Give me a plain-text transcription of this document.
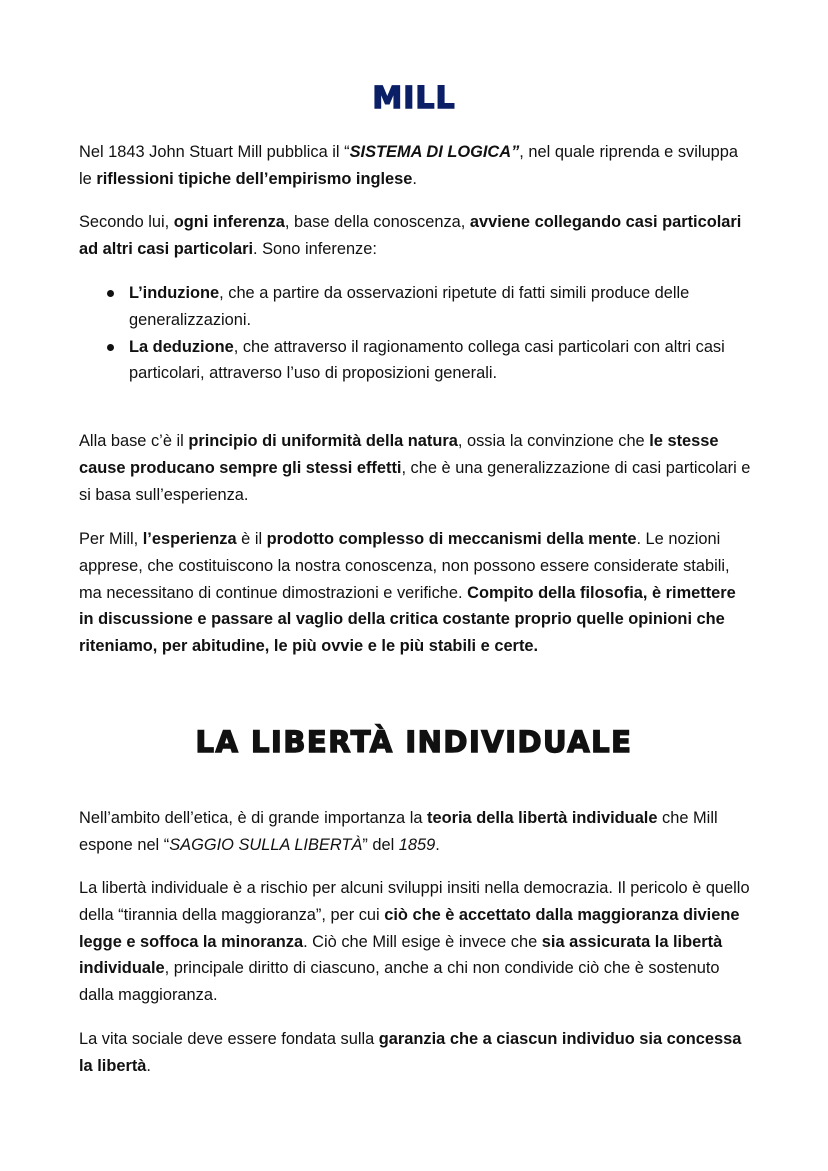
MILL

Nel 1843 John Stuart Mill pubblica il “SISTEMA DI LOGICA”, nel quale riprenda e sviluppa le riflessioni tipiche dell’empirismo inglese.

Secondo lui, ogni inferenza, base della conoscenza, avviene collegando casi particolari ad altri casi particolari. Sono inferenze:

L’induzione, che a partire da osservazioni ripetute di fatti simili produce delle generalizzazioni.
La deduzione, che attraverso il ragionamento collega casi particolari con altri casi particolari, attraverso l’uso di proposizioni generali.

Alla base c’è il principio di uniformità della natura, ossia la convinzione che le stesse cause producano sempre gli stessi effetti, che è una generalizzazione di casi particolari e si basa sull’esperienza.

Per Mill, l’esperienza è il prodotto complesso di meccanismi della mente. Le nozioni apprese, che costituiscono la nostra conoscenza, non possono essere considerate stabili, ma necessitano di continue dimostrazioni e verifiche. Compito della filosofia, è rimettere in discussione e passare al vaglio della critica costante proprio quelle opinioni che riteniamo, per abitudine, le più ovvie e le più stabili e certe.

LA LIBERTÀ INDIVIDUALE

Nell’ambito dell’etica, è di grande importanza la teoria della libertà individuale che Mill espone nel “SAGGIO SULLA LIBERTÀ” del 1859.

La libertà individuale è a rischio per alcuni sviluppi insiti nella democrazia. Il pericolo è quello della “tirannia della maggioranza”, per cui ciò che è accettato dalla maggioranza diviene legge e soffoca la minoranza. Ciò che Mill esige è invece che sia assicurata la libertà individuale, principale diritto di ciascuno, anche a chi non condivide ciò che è sostenuto dalla maggioranza.

La vita sociale deve essere fondata sulla garanzia che a ciascun individuo sia concessa la libertà.
